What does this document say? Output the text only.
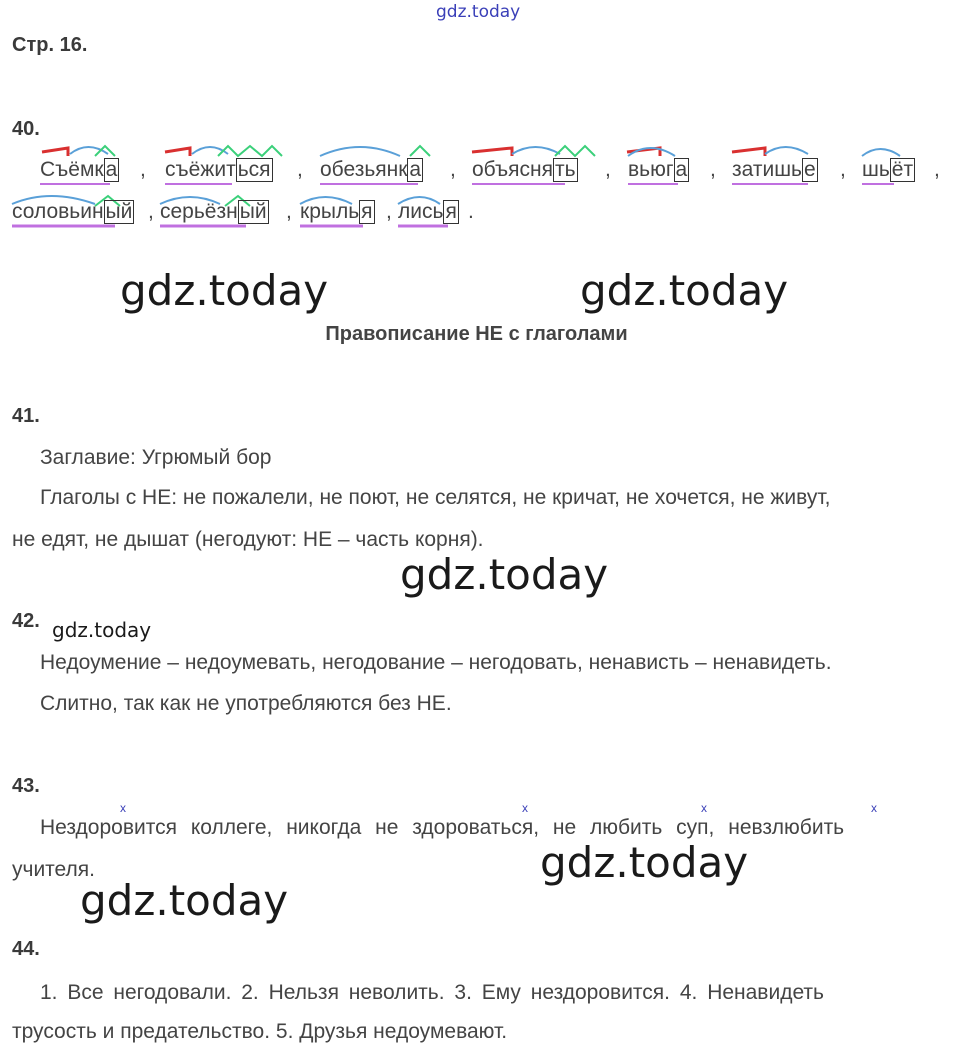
gdz.today
Стр. 16.
40.
Съёмка , съёжиться , обезьянка , объяснять , вьюга , затишье , шьёт ,
соловьиный , серьёзный , крылья , лисья .
gdz.today	gdz.today
Правописание НЕ с глаголами
41.
Заглавие: Угрюмый бор
Глаголы с НЕ: не пожалели, не поют, не селятся, не кричат, не хочется, не живут,
не едят, не дышат (негодуют: НЕ – часть корня).
gdz.today
42. gdz.today
Недоумение – недоумевать, негодование – негодовать, ненависть – ненавидеть.
Слитно, так как не употребляются без НЕ.
43.
x	x	x	x
Нездоровится коллеге, никогда не здороваться, не любить суп, невзлюбить
учителя.	gdz.today
gdz.today
44.
1. Все негодовали. 2. Нельзя неволить. 3. Ему нездоровится. 4. Ненавидеть
трусость и предательство. 5. Друзья недоумевают.
